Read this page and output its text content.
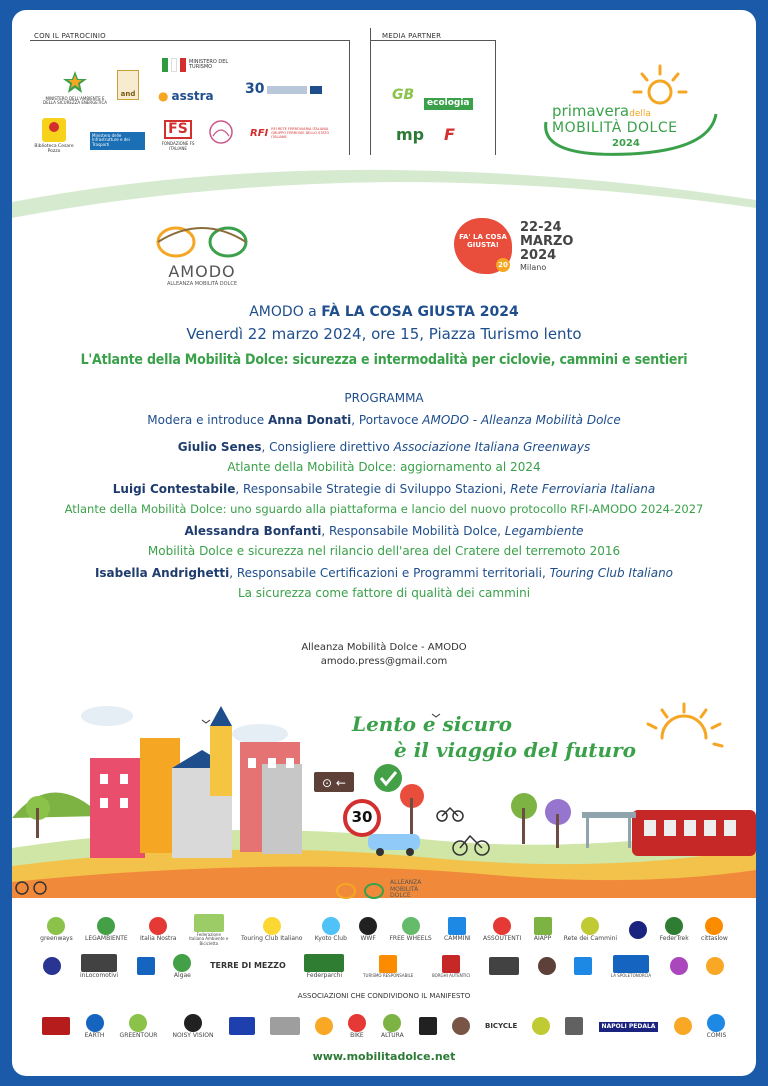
CON IL PATROCINIO	MEDIA PARTNER
MINISTERO DELL'AMBIENTE E DELLA SICUREZZA ENERGETICA
and
MINISTERO DEL TURISMO
● asstra 30
Biblioteca Cesare Pozzo
Ministero delle Infrastrutture e dei Trasporti
FS
FONDAZIONE FS ITALIANE
RFI RFI RETE FERROVIARIA ITALIANA GRUPPO FERROVIE DELLO STATO ITALIANE
GB	ecologia
mp F
primaveradella
MOBILITÀ DOLCE
2024
AMODO
ALLEANZA MOBILITÀ DOLCE
FA' LA COSA GIUSTA!
20
22-24
MARZO
2024
Milano
AMODO a FÀ LA COSA GIUSTA 2024
Venerdì 22 marzo 2024, ore 15, Piazza Turismo lento
L'Atlante della Mobilità Dolce: sicurezza e intermodalità per ciclovie, cammini e sentieri
PROGRAMMA
Modera e introduce Anna Donati, Portavoce AMODO - Alleanza Mobilità Dolce
Giulio Senes, Consigliere direttivo Associazione Italiana Greenways
Atlante della Mobilità Dolce: aggiornamento al 2024
Luigi Contestabile, Responsabile Strategie di Sviluppo Stazioni, Rete Ferroviaria Italiana
Atlante della Mobilità Dolce: uno sguardo alla piattaforma e lancio del nuovo protocollo RFI-AMODO 2024-2027
Alessandra Bonfanti, Responsabile Mobilità Dolce, Legambiente
Mobilità Dolce e sicurezza nel rilancio dell'area del Cratere del terremoto 2016
Isabella Andrighetti, Responsabile Certificazioni e Programmi territoriali, Touring Club Italiano
La sicurezza come fattore di qualità dei cammini
Alleanza Mobilità Dolce - AMODO
amodo.press@gmail.com
⊙ ←
Lento e sicuro
è il viaggio del futuro
30
ALLEANZA MOBILITÀ DOLCE
greenways LEGAMBIENTE Italia Nostra
Federazione Italiana Ambiente e Bicicletta
Touring Club Italiano Kyoto Club WWF FREE WHEELS CAMMINI ASSOUTENTI AIAPP Rete dei Cammini	FederTrek cittaslow
inLocomotivi	Algae
TERRE DI MEZZO
Federparchi	TURISMO RESPONSABILE	BORGHI AUTENTICI	LA SPOLETONORCIA
ASSOCIAZIONI CHE CONDIVIDONO IL MANIFESTO
EARTH	GREENTOUR	NOISY VISION	BIKE	ALTURA
BICYCLE	NAPOLI PEDALA
COMIS
www.mobilitadolce.net
